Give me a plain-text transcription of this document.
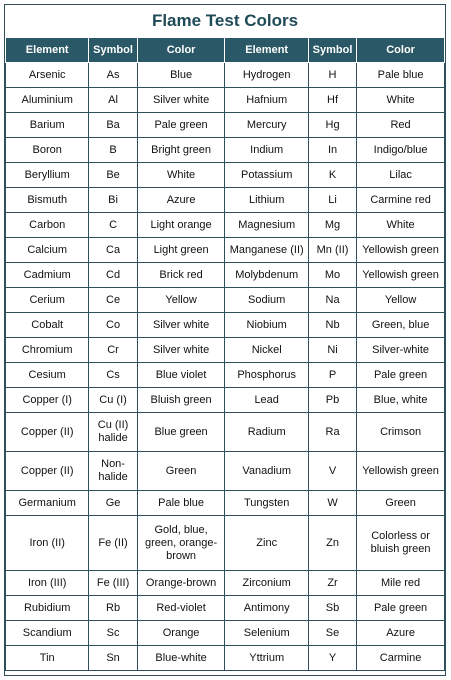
Flame Test Colors
Element	Symbol	Color	Element	Symbol	Color
Arsenic	As	Blue	Hydrogen	H	Pale blue
Aluminium	Al	Silver white	Hafnium	Hf	White
Barium	Ba	Pale green	Mercury	Hg	Red
Boron	B	Bright green	Indium	In	Indigo/blue
Beryllium	Be	White	Potassium	K	Lilac
Bismuth	Bi	Azure	Lithium	Li	Carmine red
Carbon	C	Light orange	Magnesium	Mg	White
Calcium	Ca	Light green	Manganese (II)	Mn (II)	Yellowish green
Cadmium	Cd	Brick red	Molybdenum	Mo	Yellowish green
Cerium	Ce	Yellow	Sodium	Na	Yellow
Cobalt	Co	Silver white	Niobium	Nb	Green, blue
Chromium	Cr	Silver white	Nickel	Ni	Silver-white
Cesium	Cs	Blue violet	Phosphorus	P	Pale green
Copper (I)	Cu (I)	Bluish green	Lead	Pb	Blue, white
Copper (II)	Cu (II) halide	Blue green	Radium	Ra	Crimson
Copper (II)	Non-halide	Green	Vanadium	V	Yellowish green
Germanium	Ge	Pale blue	Tungsten	W	Green
Iron (II)	Fe (II)	Gold, blue, green, orange-brown	Zinc	Zn	Colorless or bluish green
Iron (III)	Fe (III)	Orange-brown	Zirconium	Zr	Mile red
Rubidium	Rb	Red-violet	Antimony	Sb	Pale green
Scandium	Sc	Orange	Selenium	Se	Azure
Tin	Sn	Blue-white	Yttrium	Y	Carmine
